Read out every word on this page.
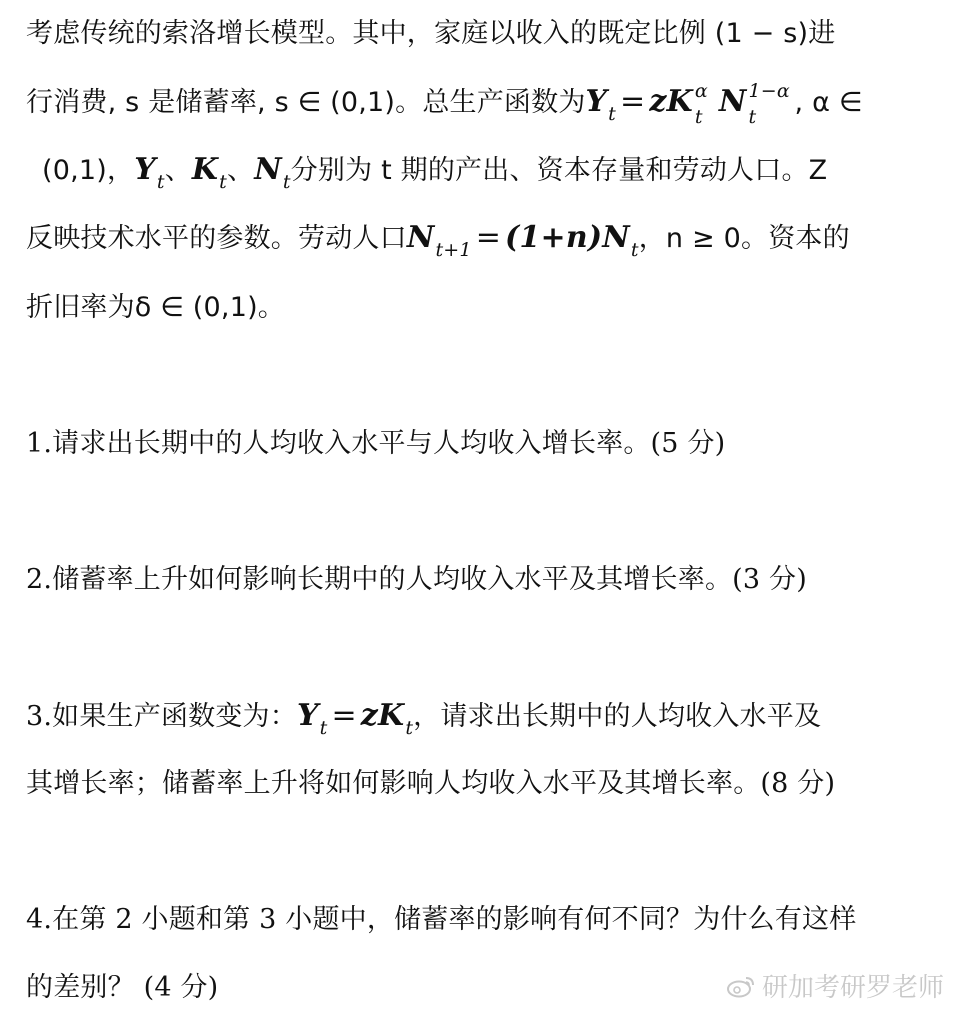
考虑传统的索洛增长模型。其中，家庭以收入的既定比例 (1 − s)进
行消费, s 是储蓄率, s ∈ (0,1)。总生产函数为$Y_t$ = zK α
t N 1−α
t , α ∈
(0,1)，$Y_t$、$K_t$、$N_t$分别为 t 期的产出、资本存量和劳动人口。Z
反映技术水平的参数。劳动人口$N_{t+1} = (1+n)N_t$，n ≥ 0。资本的
折旧率为δ ∈ (0,1)。
1.请求出长期中的人均收入水平与人均收入增长率。(5 分)
2.储蓄率上升如何影响长期中的人均收入水平及其增长率。(3 分)
3.如果生产函数变为：$Y_t = zK_t$，请求出长期中的人均收入水平及
其增长率；储蓄率上升将如何影响人均收入水平及其增长率。(8 分)
4.在第 2 小题和第 3 小题中，储蓄率的影响有何不同？为什么有这样
的差别？ (4 分)	研加考研罗老师
